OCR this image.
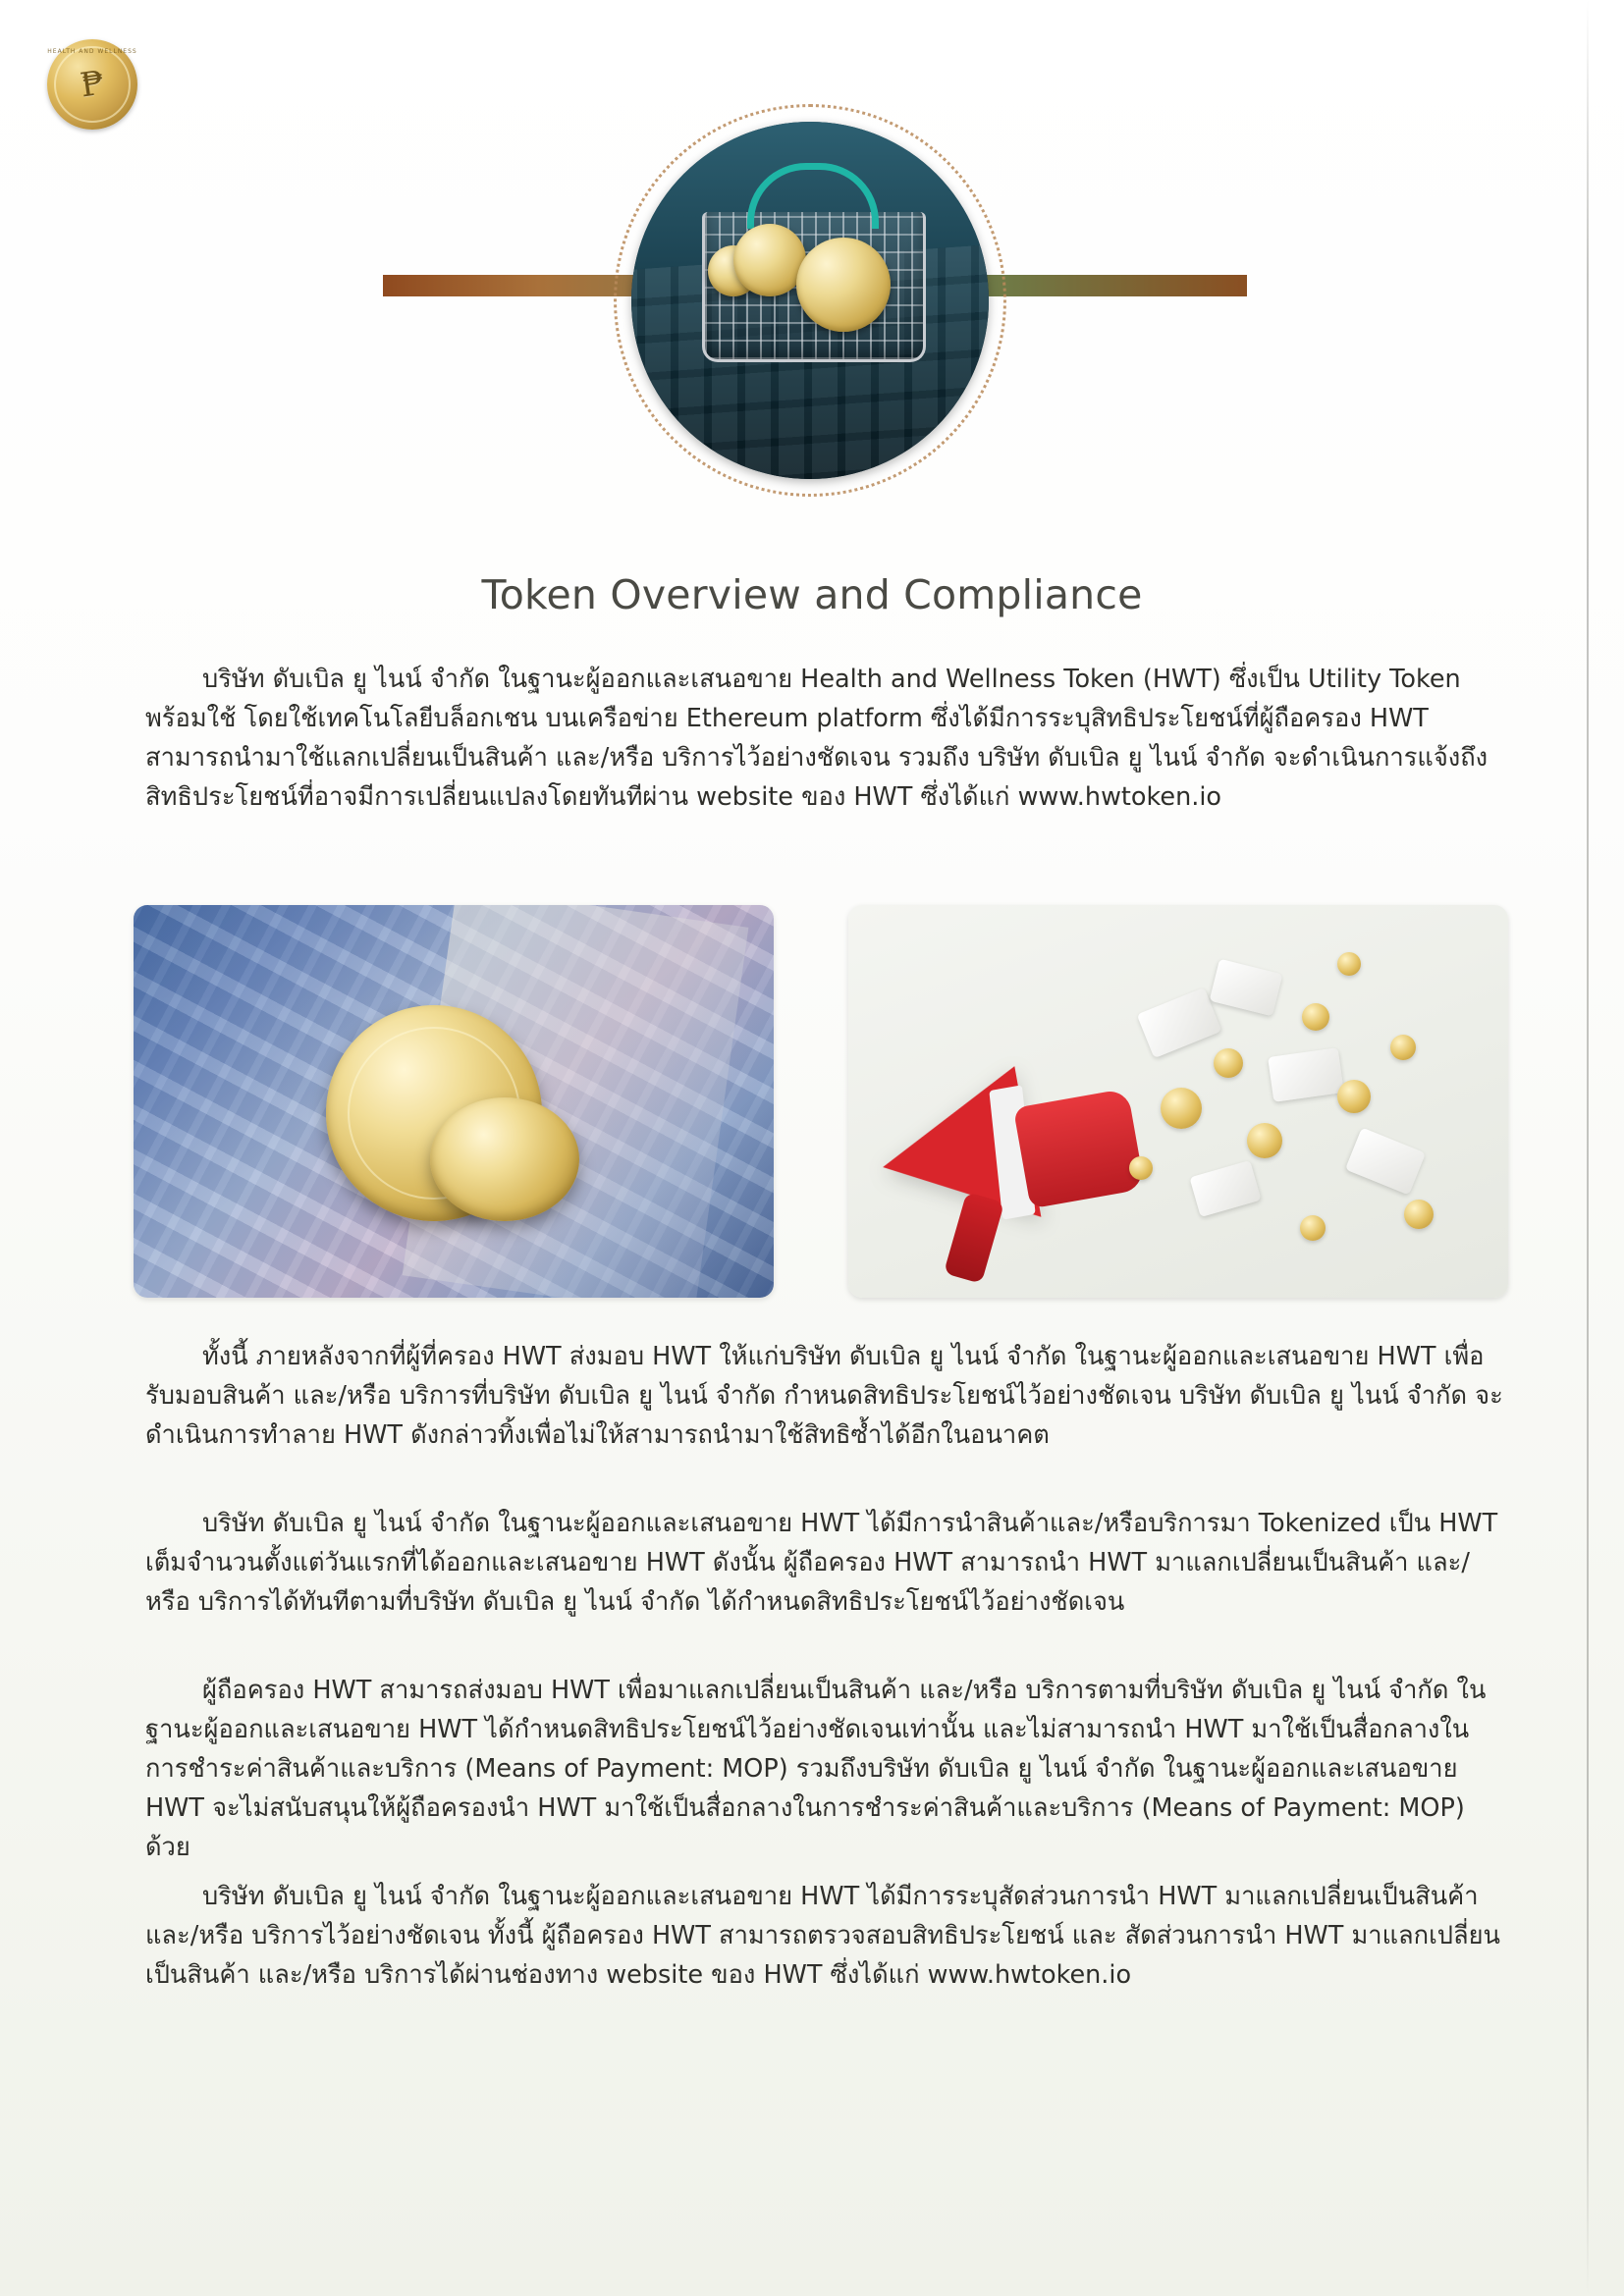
HEALTH AND WELLNESS
₱
Token Overview and Compliance
บริษัท ดับเบิล ยู ไนน์ จำกัด ในฐานะผู้ออกและเสนอขาย Health and Wellness Token (HWT) ซึ่งเป็น Utility Token พร้อมใช้ โดยใช้เทคโนโลยีบล็อกเชน บนเครือข่าย Ethereum platform ซึ่งได้มีการระบุสิทธิประโยชน์ที่ผู้ถือครอง HWT สามารถนำมาใช้แลกเปลี่ยนเป็นสินค้า และ/หรือ บริการไว้อย่างชัดเจน รวมถึง บริษัท ดับเบิล ยู ไนน์ จำกัด จะดำเนินการแจ้งถึงสิทธิประโยชน์ที่อาจมีการเปลี่ยนแปลงโดยทันทีผ่าน website ของ HWT ซึ่งได้แก่ www.hwtoken.io
ทั้งนี้ ภายหลังจากที่ผู้ที่ครอง HWT ส่งมอบ HWT ให้แก่บริษัท ดับเบิล ยู ไนน์ จำกัด ในฐานะผู้ออกและเสนอขาย HWT เพื่อรับมอบสินค้า และ/หรือ บริการที่บริษัท ดับเบิล ยู ไนน์ จำกัด กำหนดสิทธิประโยชน์ไว้อย่างชัดเจน บริษัท ดับเบิล ยู ไนน์ จำกัด จะดำเนินการทำลาย HWT ดังกล่าวทิ้งเพื่อไม่ให้สามารถนำมาใช้สิทธิซ้ำได้อีกในอนาคต
บริษัท ดับเบิล ยู ไนน์ จำกัด ในฐานะผู้ออกและเสนอขาย HWT ได้มีการนำสินค้าและ/หรือบริการมา Tokenized เป็น HWT เต็มจำนวนตั้งแต่วันแรกที่ได้ออกและเสนอขาย HWT ดังนั้น ผู้ถือครอง HWT สามารถนำ HWT มาแลกเปลี่ยนเป็นสินค้า และ/หรือ บริการได้ทันทีตามที่บริษัท ดับเบิล ยู ไนน์ จำกัด ได้กำหนดสิทธิประโยชน์ไว้อย่างชัดเจน
ผู้ถือครอง HWT สามารถส่งมอบ HWT เพื่อมาแลกเปลี่ยนเป็นสินค้า และ/หรือ บริการตามที่บริษัท ดับเบิล ยู ไนน์ จำกัด ในฐานะผู้ออกและเสนอขาย HWT ได้กำหนดสิทธิประโยชน์ไว้อย่างชัดเจนเท่านั้น และไม่สามารถนำ HWT มาใช้เป็นสื่อกลางในการชำระค่าสินค้าและบริการ (Means of Payment: MOP) รวมถึงบริษัท ดับเบิล ยู ไนน์ จำกัด ในฐานะผู้ออกและเสนอขาย HWT จะไม่สนับสนุนให้ผู้ถือครองนำ HWT มาใช้เป็นสื่อกลางในการชำระค่าสินค้าและบริการ (Means of Payment: MOP) ด้วย
บริษัท ดับเบิล ยู ไนน์ จำกัด ในฐานะผู้ออกและเสนอขาย HWT ได้มีการระบุสัดส่วนการนำ HWT มาแลกเปลี่ยนเป็นสินค้า และ/หรือ บริการไว้อย่างชัดเจน ทั้งนี้ ผู้ถือครอง HWT สามารถตรวจสอบสิทธิประโยชน์ และ สัดส่วนการนำ HWT มาแลกเปลี่ยนเป็นสินค้า และ/หรือ บริการได้ผ่านช่องทาง website ของ HWT ซึ่งได้แก่ www.hwtoken.io
